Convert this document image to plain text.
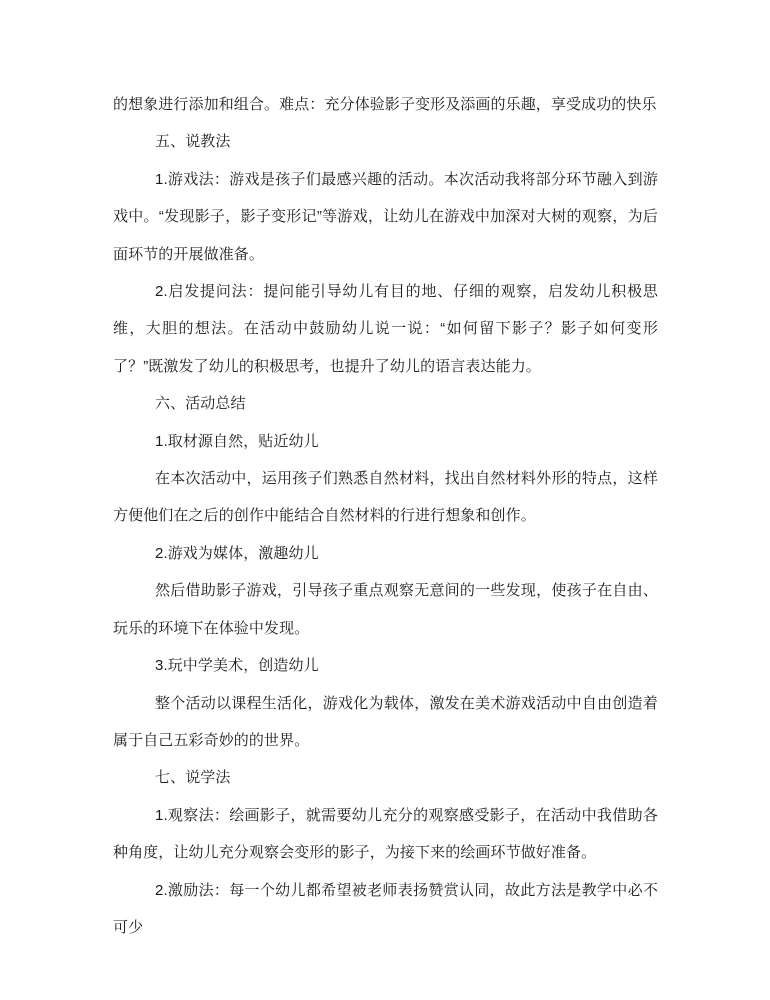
的想象进行添加和组合。难点：充分体验影子变形及添画的乐趣，享受成功的快乐

五、说教法

1.游戏法：游戏是孩子们最感兴趣的活动。本次活动我将部分环节融入到游戏中。“发现影子，影子变形记”等游戏，让幼儿在游戏中加深对大树的观察，为后面环节的开展做准备。

2.启发提问法：提问能引导幼儿有目的地、仔细的观察，启发幼儿积极思维，大胆的想法。在活动中鼓励幼儿说一说：“如何留下影子？影子如何变形了？”既激发了幼儿的积极思考，也提升了幼儿的语言表达能力。

六、活动总结

1.取材源自然，贴近幼儿

在本次活动中，运用孩子们熟悉自然材料，找出自然材料外形的特点，这样方便他们在之后的创作中能结合自然材料的行进行想象和创作。

2.游戏为媒体，激趣幼儿

然后借助影子游戏，引导孩子重点观察无意间的一些发现，使孩子在自由、玩乐的环境下在体验中发现。

3.玩中学美术，创造幼儿

整个活动以课程生活化，游戏化为载体，激发在美术游戏活动中自由创造着属于自己五彩奇妙的的世界。

七、说学法

1.观察法：绘画影子，就需要幼儿充分的观察感受影子，在活动中我借助各种角度，让幼儿充分观察会变形的影子，为接下来的绘画环节做好准备。

2.激励法：每一个幼儿都希望被老师表扬赞赏认同，故此方法是教学中必不可少
